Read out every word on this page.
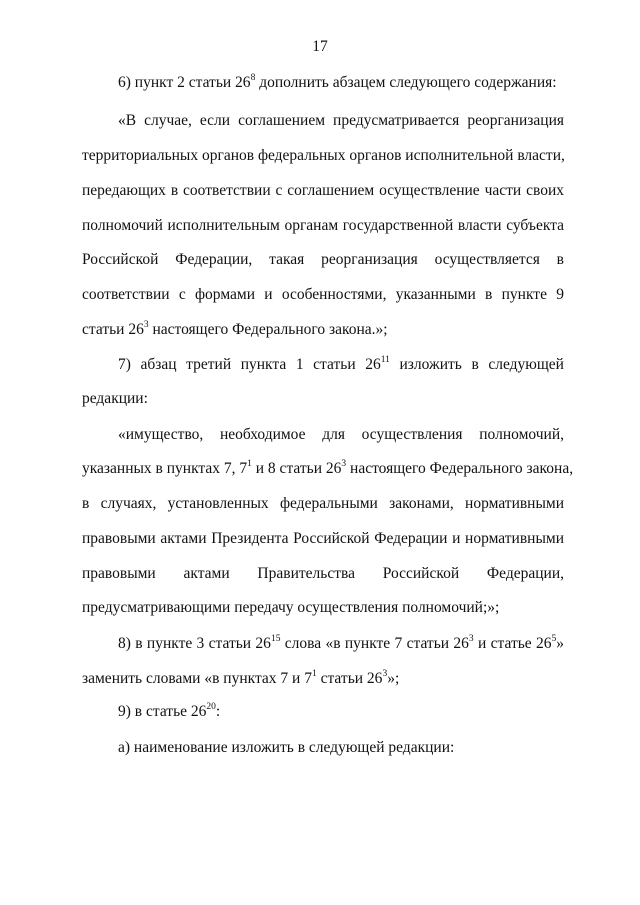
17
6) пункт 2 статьи $26^8$ дополнить абзацем следующего содержания:
«В случае, если соглашением предусматривается реорганизация
территориальных органов федеральных органов исполнительной власти,
передающих в соответствии с соглашением осуществление части своих
полномочий исполнительным органам государственной власти субъекта
Российской Федерации, такая реорганизация осуществляется в
соответствии с формами и особенностями, указанными в пункте 9
статьи $26^3$ настоящего Федерального закона.»;
7) абзац третий пункта 1 статьи $26^{11}$ изложить в следующей
редакции:
«имущество, необходимое для осуществления полномочий,
указанных в пунктах 7, $7^1$ и 8 статьи $26^3$ настоящего Федерального закона,
в случаях, установленных федеральными законами, нормативными
правовыми актами Президента Российской Федерации и нормативными
правовыми актами Правительства Российской Федерации,
предусматривающими передачу осуществления полномочий;»;
8) в пункте 3 статьи $26^{15}$ слова «в пункте 7 статьи $26^3$ и статье $26^5$»
заменить словами «в пунктах 7 и $7^1$ статьи $26^3$»;
9) в статье $26^{20}$:
а) наименование изложить в следующей редакции:
